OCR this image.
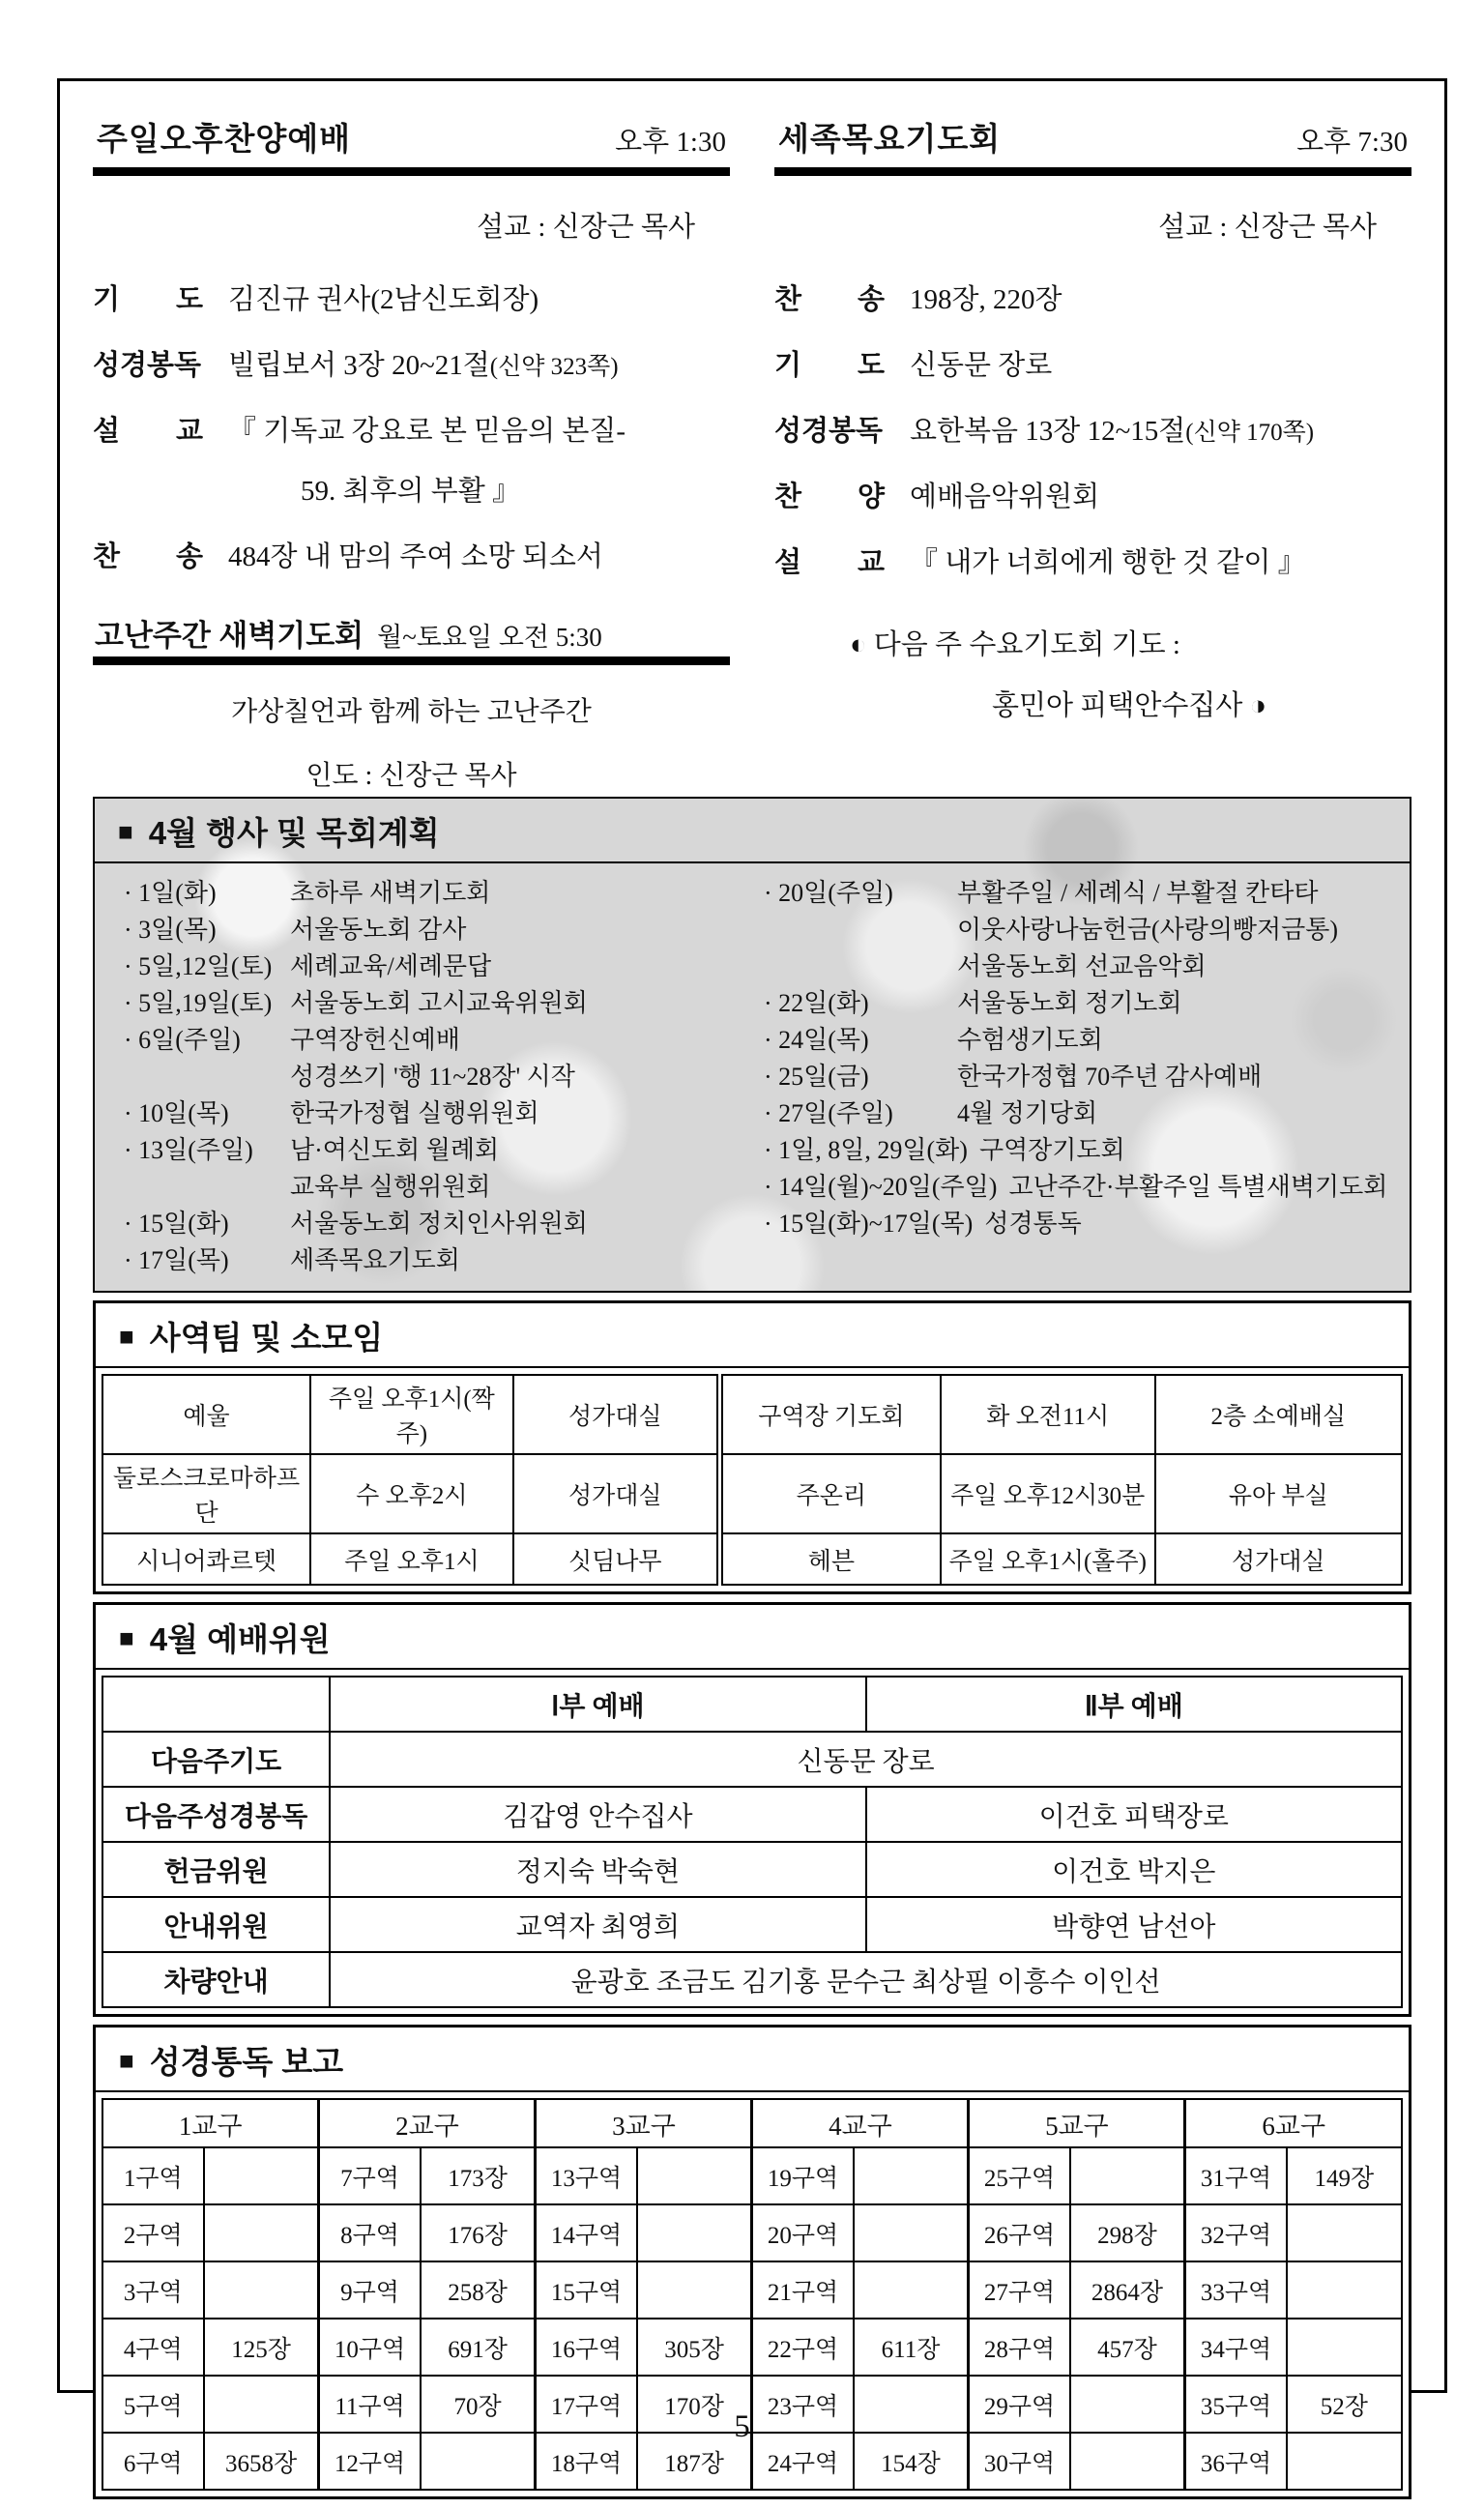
주일오후찬양예배	오후 1:30
설교 : 신장근 목사
기　　도 김진규 권사(2남신도회장)
성경봉독 빌립보서 3장 20~21절(신약 323쪽)
설　　교 『 기독교 강요로 본 믿음의 본질-
59. 최후의 부활 』
찬　　송 484장 내 맘의 주여 소망 되소서
고난주간 새벽기도회 월~토요일 오전 5:30
가상칠언과 함께 하는 고난주간
인도 : 신장근 목사
세족목요기도회	오후 7:30
설교 : 신장근 목사
찬　　송 198장, 220장
기　　도 신동문 장로
성경봉독 요한복음 13장 12~15절(신약 170쪽)
찬　　양 예배음악위원회
설　　교 『 내가 너희에게 행한 것 같이 』
◐ 다음 주 수요기도회 기도 :
홍민아 피택안수집사 ◑
■ 4월 행사 및 목회계획
· 1일(화)	초하루 새벽기도회
· 3일(목)	서울동노회 감사
· 5일,12일(토) 세례교육/세례문답
· 5일,19일(토) 서울동노회 고시교육위원회
· 6일(주일)	구역장헌신예배
성경쓰기 '행 11~28장' 시작
· 10일(목)	한국가정협 실행위원회
· 13일(주일)	남·여신도회 월례회
교육부 실행위원회
· 15일(화)	서울동노회 정치인사위원회
· 17일(목)	세족목요기도회
· 20일(주일)	부활주일 / 세례식 / 부활절 칸타타
이웃사랑나눔헌금(사랑의빵저금통)
서울동노회 선교음악회
· 22일(화)	서울동노회 정기노회
· 24일(목)	수험생기도회
· 25일(금)	한국가정협 70주년 감사예배
· 27일(주일)	4월 정기당회
· 1일, 8일, 29일(화) 구역장기도회
· 14일(월)~20일(주일) 고난주간·부활주일 특별새벽기도회
· 15일(화)~17일(목) 성경통독
■ 사역팀 및 소모임
예울	주일 오후1시(짝주)	성가대실	구역장 기도회	화 오전11시	2층 소예배실
둘로스크로마하프단	수 오후2시	성가대실	주온리	주일 오후12시30분	유아 부실
시니어콰르텟	주일 오후1시	싯딤나무	헤븐	주일 오후1시(홀주)	성가대실
■ 4월 예배위원
	Ⅰ부 예배	Ⅱ부 예배
다음주기도	신동문 장로	
다음주성경봉독	김갑영 안수집사	이건호 피택장로
헌금위원	정지숙 박숙현	이건호 박지은
안내위원	교역자 최영희	박향연 남선아
차량안내	윤광호 조금도 김기홍 문수근 최상필 이흥수 이인선	
■ 성경통독 보고
1교구		2교구		3교구		4교구		5교구		6교구	
1구역		7구역	173장	13구역		19구역		25구역		31구역	149장
2구역		8구역	176장	14구역		20구역		26구역	298장	32구역	
3구역		9구역	258장	15구역		21구역		27구역	2864장	33구역	
4구역	125장	10구역	691장	16구역	305장	22구역	611장	28구역	457장	34구역	
5구역		11구역	70장	17구역	170장	23구역		29구역		35구역	52장
6구역	3658장	12구역		18구역	187장	24구역	154장	30구역		36구역	
5
